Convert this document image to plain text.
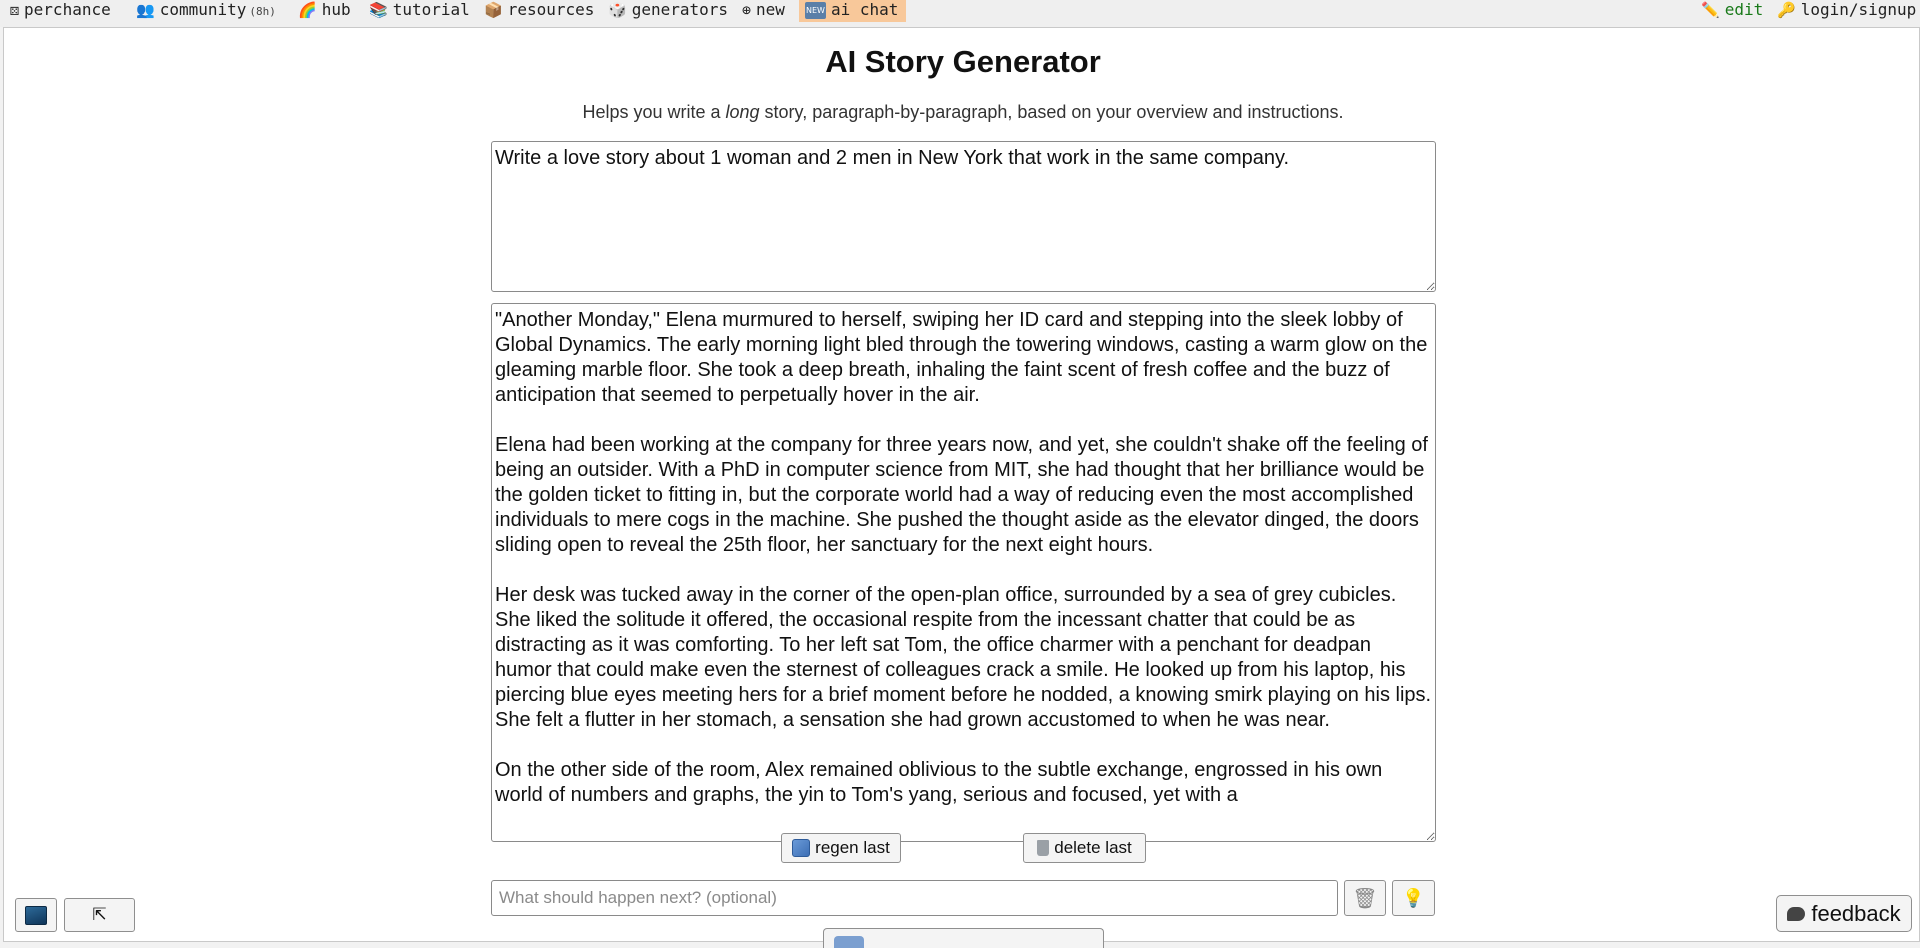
⚄ perchance 👥 community (8h) 🌈 hub 📚 tutorial 📦 resources 🎲 generators ⊕ new	NEW ai chat	✏️ edit 🔑 login/signup
AI Story Generator
Helps you write a long story, paragraph-by-paragraph, based on your overview and instructions.
Write a love story about 1 woman and 2 men in New York that work in the same company.
"Another Monday," Elena murmured to herself, swiping her ID card and stepping into the sleek lobby of Global Dynamics. The early morning light bled through the towering windows, casting a warm glow on the gleaming marble floor. She took a deep breath, inhaling the faint scent of fresh coffee and the buzz of anticipation that seemed to perpetually hover in the air. Elena had been working at the company for three years now, and yet, she couldn't shake off the feeling of being an outsider. With a PhD in computer science from MIT, she had thought that her brilliance would be the golden ticket to fitting in, but the corporate world had a way of reducing even the most accomplished individuals to mere cogs in the machine. She pushed the thought aside as the elevator dinged, the doors sliding open to reveal the 25th floor, her sanctuary for the next eight hours. Her desk was tucked away in the corner of the open-plan office, surrounded by a sea of grey cubicles. She liked the solitude it offered, the occasional respite from the incessant chatter that could be as distracting as it was comforting. To her left sat Tom, the office charmer with a penchant for deadpan humor that could make even the sternest of colleagues crack a smile. He looked up from his laptop, his piercing blue eyes meeting hers for a brief moment before he nodded, a knowing smirk playing on his lips. She felt a flutter in her stomach, a sensation she had grown accustomed to when he was near. On the other side of the room, Alex remained oblivious to the subtle exchange, engrossed in his own world of numbers and graphs, the yin to Tom's yang, serious and focused, yet with a
regen last	delete last
What should happen next? (optional)
🗑 💡
⇱	feedback
